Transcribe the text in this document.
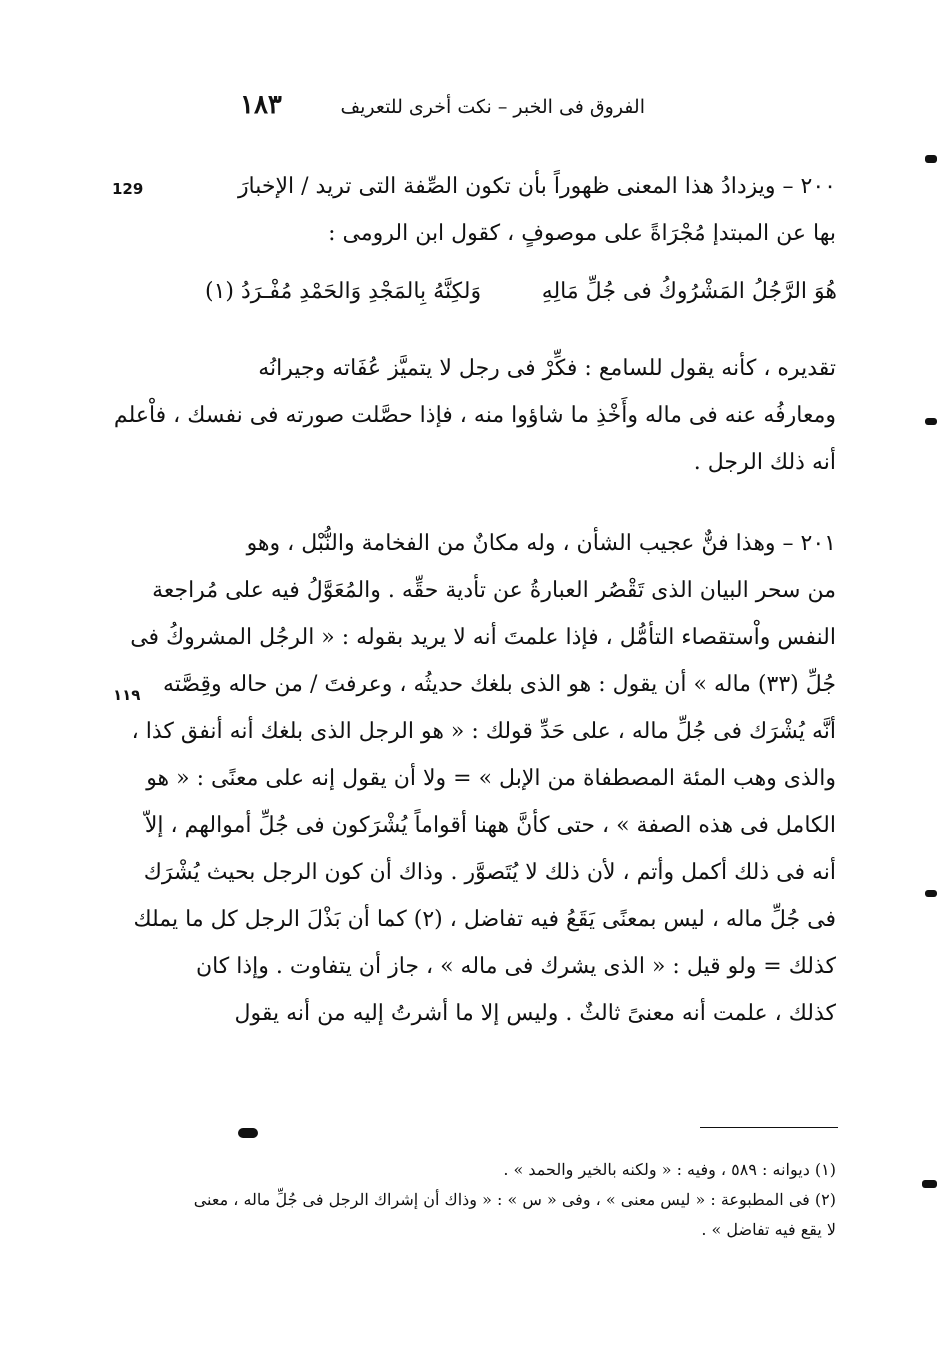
الفروق فى الخبر – نكت أخرى للتعريف
١٨٣
129
١١٩
٢٠٠ – ويزدادُ هذا المعنى ظهوراً بأن تكون الصِّفة التى تريد / الإخبارَ
بها عن المبتدإ مُجْرَاةً على موصوفٍ ، كقول ابن الرومى :
هُوَ الرَّجُلُ المَشْرُوكُ فى جُلِّ مَالِهِ
وَلكِنَّهُ بِالمَجْدِ وَالحَمْدِ مُفْـرَدُ (١)
تقديره ، كأنه يقول للسامع : فكِّرْ فى رجل لا يتميَّز عُفَاته وجيرانُه
ومعارفُه عنه فى ماله وأَخْذِ ما شاؤوا منه ، فإذا حصَّلت صورته فى نفسك ، فاْعلم
أنه ذلك الرجل .
٢٠١ – وهذا فنٌّ عجيب الشأن ، وله مكانٌ من الفخامة والنُّبْل ، وهو
من سحر البيان الذى تَقْصُر العبارةُ عن تأدية حقِّه . والمُعَوَّلُ فيه على مُراجعة
النفس واْستقصاء التأمُّل ، فإذا علمتَ أنه لا يريد بقوله : « الرجُل المشروكُ فى
جُلِّ (٣٣) ماله » أن يقول : هو الذى بلغك حديثُه ، وعرفتَ / من حاله وقِصَّته
أنَّه يُشْرَك فى جُلِّ ماله ، على حَدِّ قولك : « هو الرجل الذى بلغك أنه أنفق كذا ،
والذى وهب المئة المصطفاة من الإبل » = ولا أن يقول إنه على معنًى : « هو
الكامل فى هذه الصفة » ، حتى كأنَّ ههنا أقواماً يُشْرَكون فى جُلِّ أموالهم ، إلاّ
أنه فى ذلك أكمل وأتم ، لأن ذلك لا يُتَصوَّر . وذاك أن كون الرجل بحيث يُشْرَك
فى جُلِّ ماله ، ليس بمعنًى يَقَعُ فيه تفاضل ، (٢) كما أن بَذْلَ الرجل كل ما يملك
كذلك = ولو قيل : « الذى يشرك فى ماله » ، جاز أن يتفاوت . وإذا كان
كذلك ، علمت أنه معنىً ثالثٌ . وليس إلا ما أشرتُ إليه من أنه يقول
(١) ديوانه : ٥٨٩ ، وفيه : « ولكنه بالخير والحمد » .
(٢) فى المطبوعة : « ليس معنى » ، وفى « س » : « وذاك أن إشراك الرجل فى جُلِّ ماله ، معنى
لا يقع فيه تفاضل » .
